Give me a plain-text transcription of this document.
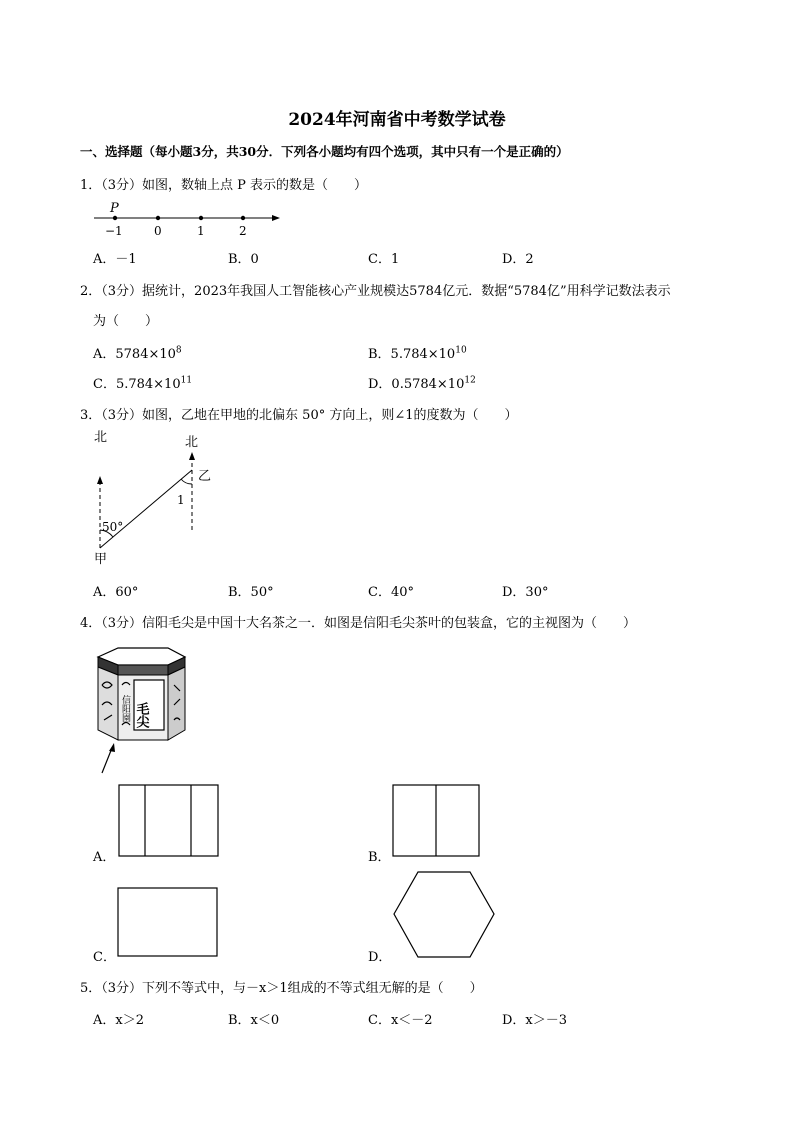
2024年河南省中考数学试卷
一、选择题（每小题3分，共30分．下列各小题均有四个选项，其中只有一个是正确的）
1．（3分）如图，数轴上点 P 表示的数是（　　）
P
−1	0	1	2
A．－1	B．0	C．1	D．2
2．（3分）据统计，2023年我国人工智能核心产业规模达5784亿元．数据“5784亿”用科学记数法表示
为（　　）
A．$5784\times 10^8$	B．$5.784\times 10^{10}$
C．$5.784\times 10^{11}$	D．$0.5784\times 10^{12}$
3．（3分）如图，乙地在甲地的北偏东 50° 方向上，则∠1的度数为（　　）
北	北
乙
甲
50°
1
A．60°	B．50°	C．40°	D．30°
4．（3分）信阳毛尖是中国十大名茶之一．如图是信阳毛尖茶叶的包装盒，它的主视图为（　　）
毛尖
信阳園
A．	B．
C．	D．
5．（3分）下列不等式中，与－x＞1组成的不等式组无解的是（　　）
A．x＞2	B．x＜0	C．x＜－2	D．x＞－3
